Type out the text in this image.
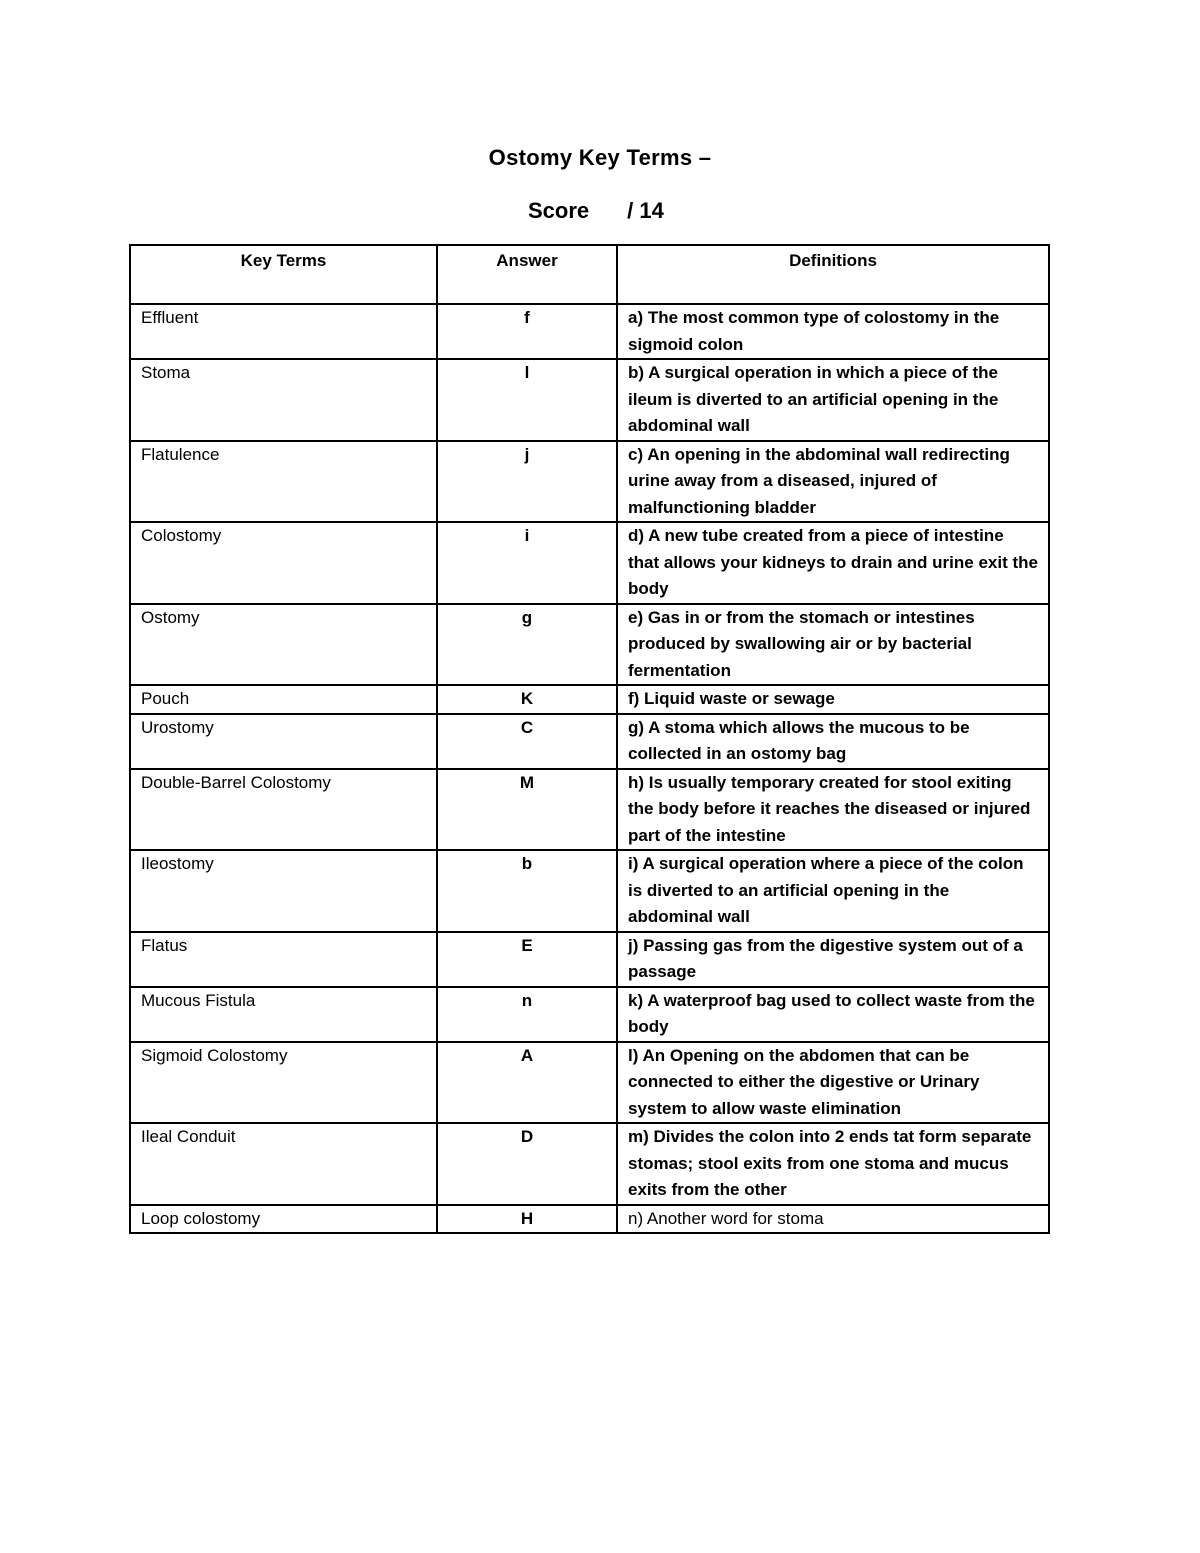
Ostomy Key Terms –
Score / 14
Key Terms	Answer	Definitions
Effluent	f	a) The most common type of colostomy in the sigmoid colon
Stoma	l	b) A surgical operation in which a piece of the ileum is diverted to an artificial opening in the abdominal wall
Flatulence	j	c) An opening in the abdominal wall redirecting urine away from a diseased, injured of malfunctioning bladder
Colostomy	i	d) A new tube created from a piece of intestine that allows your kidneys to drain and urine exit the body
Ostomy	g	e) Gas in or from the stomach or intestines produced by swallowing air or by bacterial fermentation
Pouch	K	f) Liquid waste or sewage
Urostomy	C	g) A stoma which allows the mucous to be collected in an ostomy bag
Double-Barrel Colostomy	M	h) Is usually temporary created for stool exiting the body before it reaches the diseased or injured part of the intestine
Ileostomy	b	i) A surgical operation where a piece of the colon is diverted to an artificial opening in the abdominal wall
Flatus	E	j) Passing gas from the digestive system out of a passage
Mucous Fistula	n	k) A waterproof bag used to collect waste from the body
Sigmoid Colostomy	A	l) An Opening on the abdomen that can be connected to either the digestive or Urinary system to allow waste elimination
Ileal Conduit	D	m) Divides the colon into 2 ends tat form separate stomas; stool exits from one stoma and mucus exits from the other
Loop colostomy	H	n) Another word for stoma
